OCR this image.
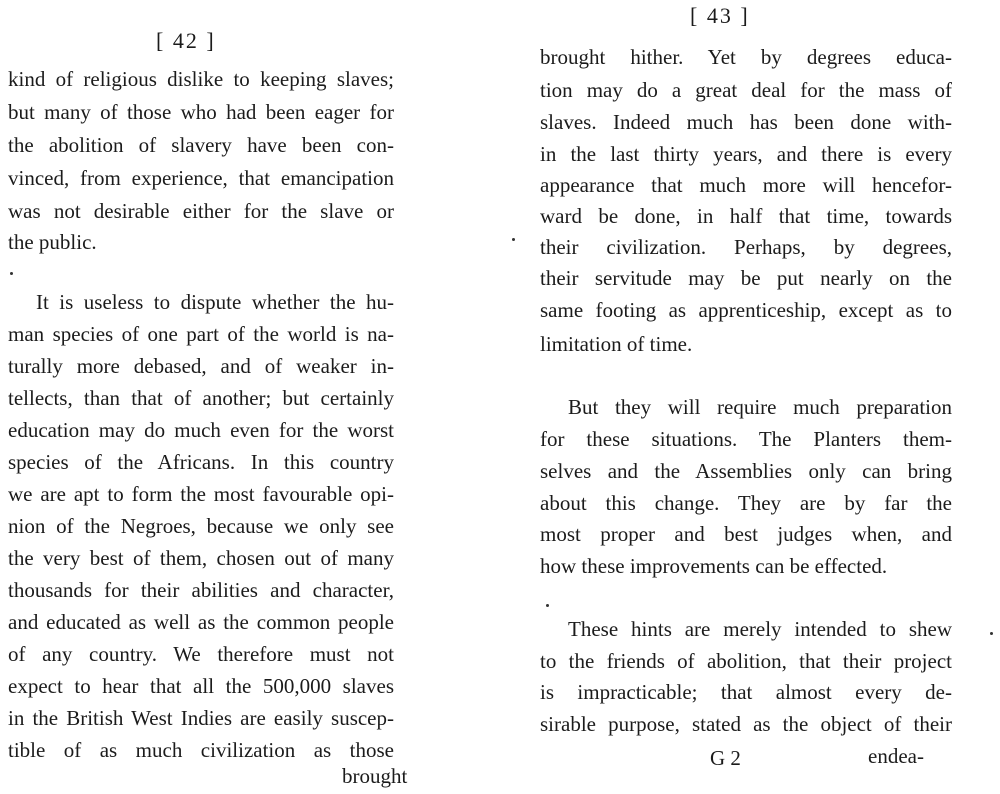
[ 42 ]
kind of religious dislike to keeping slaves;
but many of those who had been eager for
the abolition of slavery have been con-
vinced, from experience, that emancipation
was not desirable either for the slave or
the public.
It is useless to dispute whether the hu-
man species of one part of the world is na-
turally more debased, and of weaker in-
tellects, than that of another; but certainly
education may do much even for the worst
species of the Africans. In this country
we are apt to form the most favourable opi-
nion of the Negroes, because we only see
the very best of them, chosen out of many
thousands for their abilities and character,
and educated as well as the common people
of any country. We therefore must not
expect to hear that all the 500,000 slaves
in the British West Indies are easily suscep-
tible of as much civilization as those
brought
[ 43 ]
brought hither. Yet by degrees educa-
tion may do a great deal for the mass of
slaves. Indeed much has been done with-
in the last thirty years, and there is every
appearance that much more will hencefor-
ward be done, in half that time, towards
their civilization. Perhaps, by degrees,
their servitude may be put nearly on the
same footing as apprenticeship, except as to
limitation of time.
But they will require much preparation
for these situations. The Planters them-
selves and the Assemblies only can bring
about this change. They are by far the
most proper and best judges when, and
how these improvements can be effected.
These hints are merely intended to shew
to the friends of abolition, that their project
is impracticable; that almost every de-
sirable purpose, stated as the object of their
G 2	endea-
